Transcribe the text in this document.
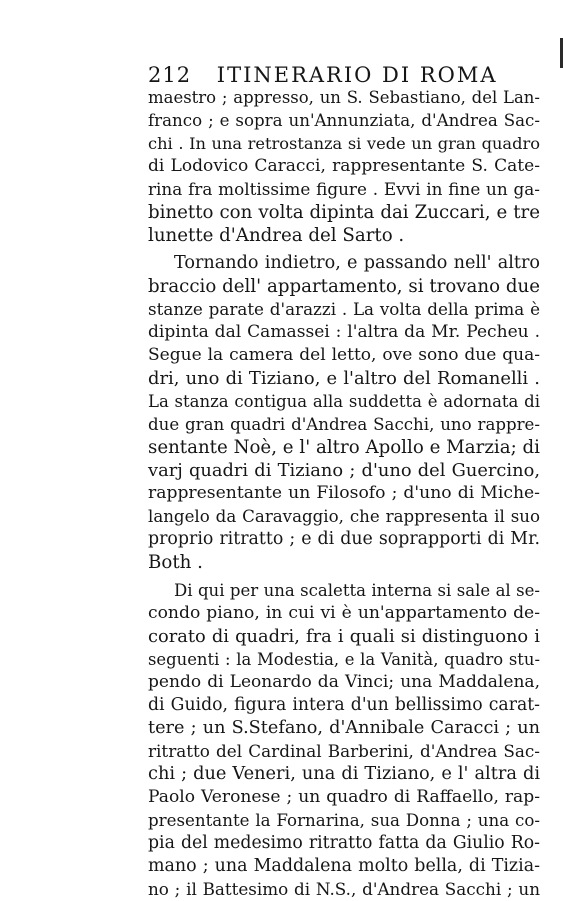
212 ITINERARIO DI ROMA
maestro ; appresso, un S. Sebastiano, del Lan-
franco ; e sopra un'Annunziata, d'Andrea Sac-
chi . In una retrostanza si vede un gran quadro
di Lodovico Caracci, rappresentante S. Cate-
rina fra moltissime figure . Evvi in fine un ga-
binetto con volta dipinta dai Zuccari, e tre
lunette d'Andrea del Sarto .
Tornando indietro, e passando nell' altro
braccio dell' appartamento, si trovano due
stanze parate d'arazzi . La volta della prima è
dipinta dal Camassei : l'altra da Mr. Pecheu .
Segue la camera del letto, ove sono due qua-
dri, uno di Tiziano, e l'altro del Romanelli .
La stanza contigua alla suddetta è adornata di
due gran quadri d'Andrea Sacchi, uno rappre-
sentante Noè, e l' altro Apollo e Marzia; di
varj quadri di Tiziano ; d'uno del Guercino,
rappresentante un Filosofo ; d'uno di Miche-
langelo da Caravaggio, che rappresenta il suo
proprio ritratto ; e di due soprapporti di Mr.
Both .
Di qui per una scaletta interna si sale al se-
condo piano, in cui vi è un'appartamento de-
corato di quadri, fra i quali si distinguono i
seguenti : la Modestia, e la Vanità, quadro stu-
pendo di Leonardo da Vinci; una Maddalena,
di Guido, figura intera d'un bellissimo carat-
tere ; un S.Stefano, d'Annibale Caracci ; un
ritratto del Cardinal Barberini, d'Andrea Sac-
chi ; due Veneri, una di Tiziano, e l' altra di
Paolo Veronese ; un quadro di Raffaello, rap-
presentante la Fornarina, sua Donna ; una co-
pia del medesimo ritratto fatta da Giulio Ro-
mano ; una Maddalena molto bella, di Tizia-
no ; il Battesimo di N.S., d'Andrea Sacchi ; un
